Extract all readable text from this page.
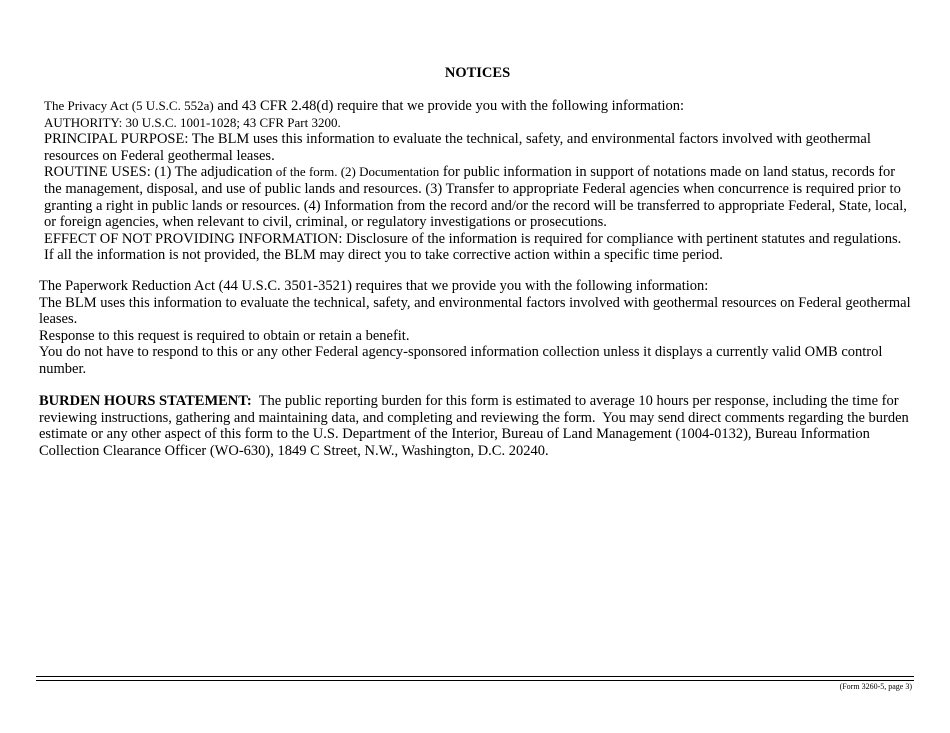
NOTICES
The Privacy Act (5 U.S.C. 552a) and 43 CFR 2.48(d) require that we provide you with the following information:
AUTHORITY: 30 U.S.C. 1001-1028; 43 CFR Part 3200.
PRINCIPAL PURPOSE: The BLM uses this information to evaluate the technical, safety, and environmental factors involved with geothermal resources on Federal geothermal leases.
ROUTINE USES: (1) The adjudication of the form. (2) Documentation for public information in support of notations made on land status, records for the management, disposal, and use of public lands and resources. (3) Transfer to appropriate Federal agencies when concurrence is required prior to granting a right in public lands or resources. (4) Information from the record and/or the record will be transferred to appropriate Federal, State, local, or foreign agencies, when relevant to civil, criminal, or regulatory investigations or prosecutions.
EFFECT OF NOT PROVIDING INFORMATION: Disclosure of the information is required for compliance with pertinent statutes and regulations. If all the information is not provided, the BLM may direct you to take corrective action within a specific time period.
The Paperwork Reduction Act (44 U.S.C. 3501-3521) requires that we provide you with the following information:
The BLM uses this information to evaluate the technical, safety, and environmental factors involved with geothermal resources on Federal geothermal leases.
Response to this request is required to obtain or retain a benefit.
You do not have to respond to this or any other Federal agency-sponsored information collection unless it displays a currently valid OMB control number.
BURDEN HOURS STATEMENT:  The public reporting burden for this form is estimated to average 10 hours per response, including the time for reviewing instructions, gathering and maintaining data, and completing and reviewing the form.  You may send direct comments regarding the burden estimate or any other aspect of this form to the U.S. Department of the Interior, Bureau of Land Management (1004-0132), Bureau Information Collection Clearance Officer (WO-630), 1849 C Street, N.W., Washington, D.C. 20240.
(Form 3260-5, page 3)
